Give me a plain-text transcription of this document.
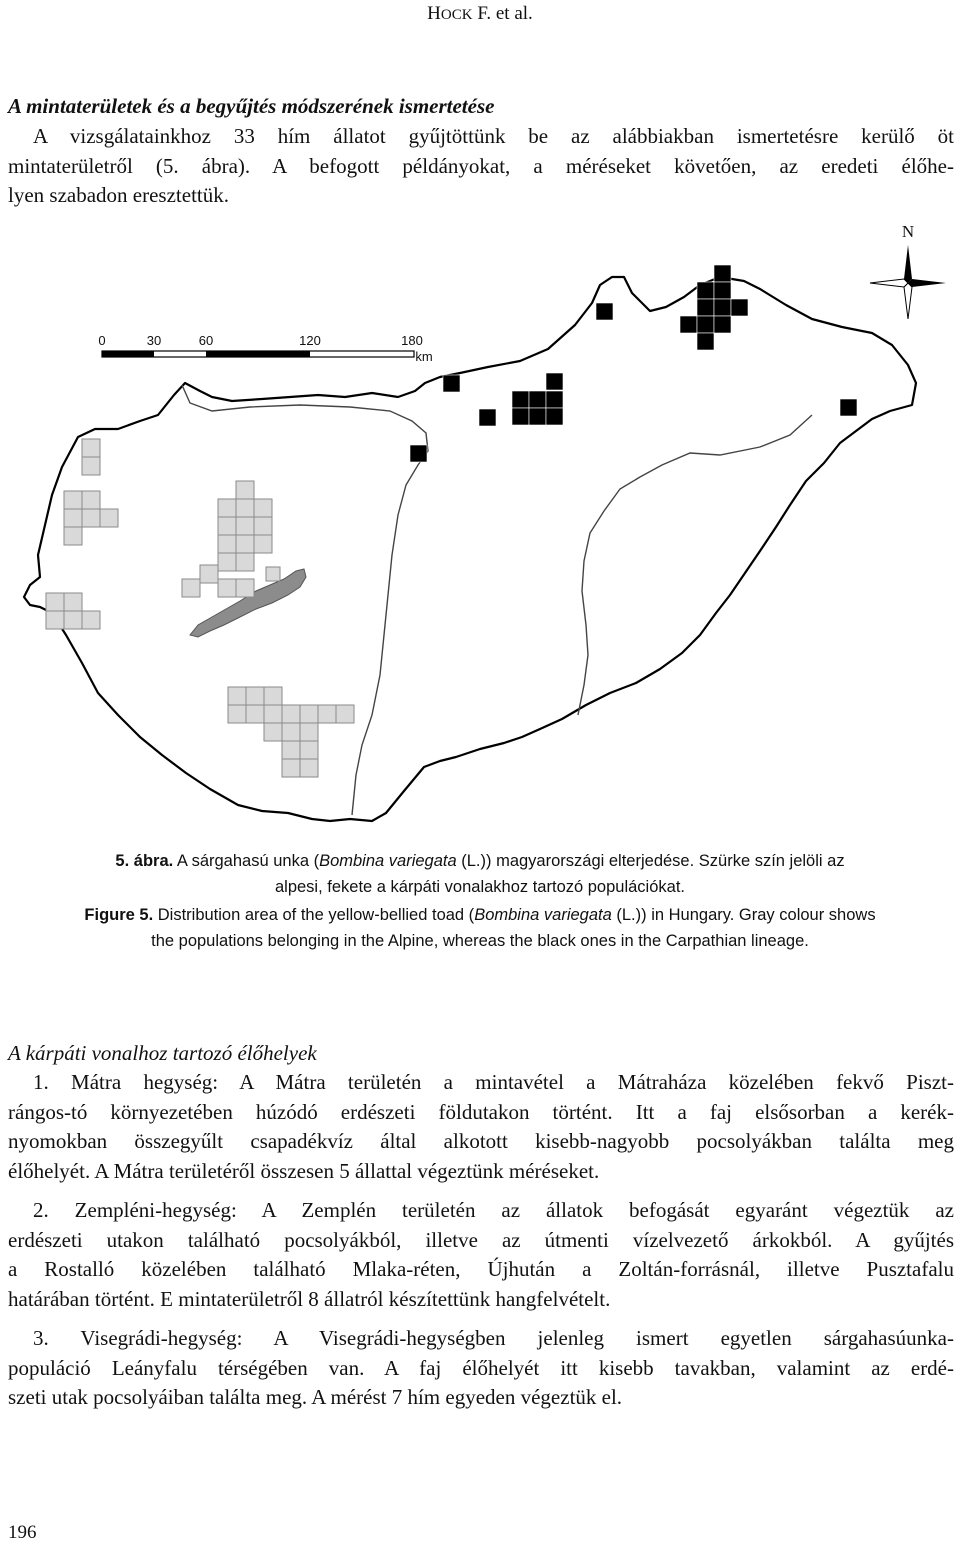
HOCK F. et al.
A mintaterületek és a begyűjtés módszerének ismertetése
A vizsgálatainkhoz 33 hím állatot gyűjtöttünk be az alábbiakban ismertetésre kerülő öt
mintaterületről (5. ábra). A befogott példányokat, a méréseket követően, az eredeti élőhe-
lyen szabadon eresztettük.
0	30	60	120	180
km
N
5. ábra. A sárgahasú unka (Bombina variegata (L.)) magyarországi elterjedése. Szürke szín jelöli az
alpesi, fekete a kárpáti vonalakhoz tartozó populációkat.
Figure 5. Distribution area of the yellow-bellied toad (Bombina variegata (L.)) in Hungary. Gray colour shows
the populations belonging in the Alpine, whereas the black ones in the Carpathian lineage.
A kárpáti vonalhoz tartozó élőhelyek
1. Mátra hegység: A Mátra területén a mintavétel a Mátraháza közelében fekvő Piszt-
rángos-tó környezetében húzódó erdészeti földutakon történt. Itt a faj elsősorban a kerék-
nyomokban összegyűlt csapadékvíz által alkotott kisebb-nagyobb pocsolyákban találta meg
élőhelyét. A Mátra területéről összesen 5 állattal végeztünk méréseket.
2. Zempléni-hegység: A Zemplén területén az állatok befogását egyaránt végeztük az
erdészeti utakon található pocsolyákból, illetve az útmenti vízelvezető árkokból. A gyűjtés
a Rostalló közelében található Mlaka-réten, Újhután a Zoltán-forrásnál, illetve Pusztafalu
határában történt. E mintaterületről 8 állatról készítettünk hangfelvételt.
3. Visegrádi-hegység: A Visegrádi-hegységben jelenleg ismert egyetlen sárgahasúunka-
populáció Leányfalu térségében van. A faj élőhelyét itt kisebb tavakban, valamint az erdé-
szeti utak pocsolyáiban találta meg. A mérést 7 hím egyeden végeztük el.
196
